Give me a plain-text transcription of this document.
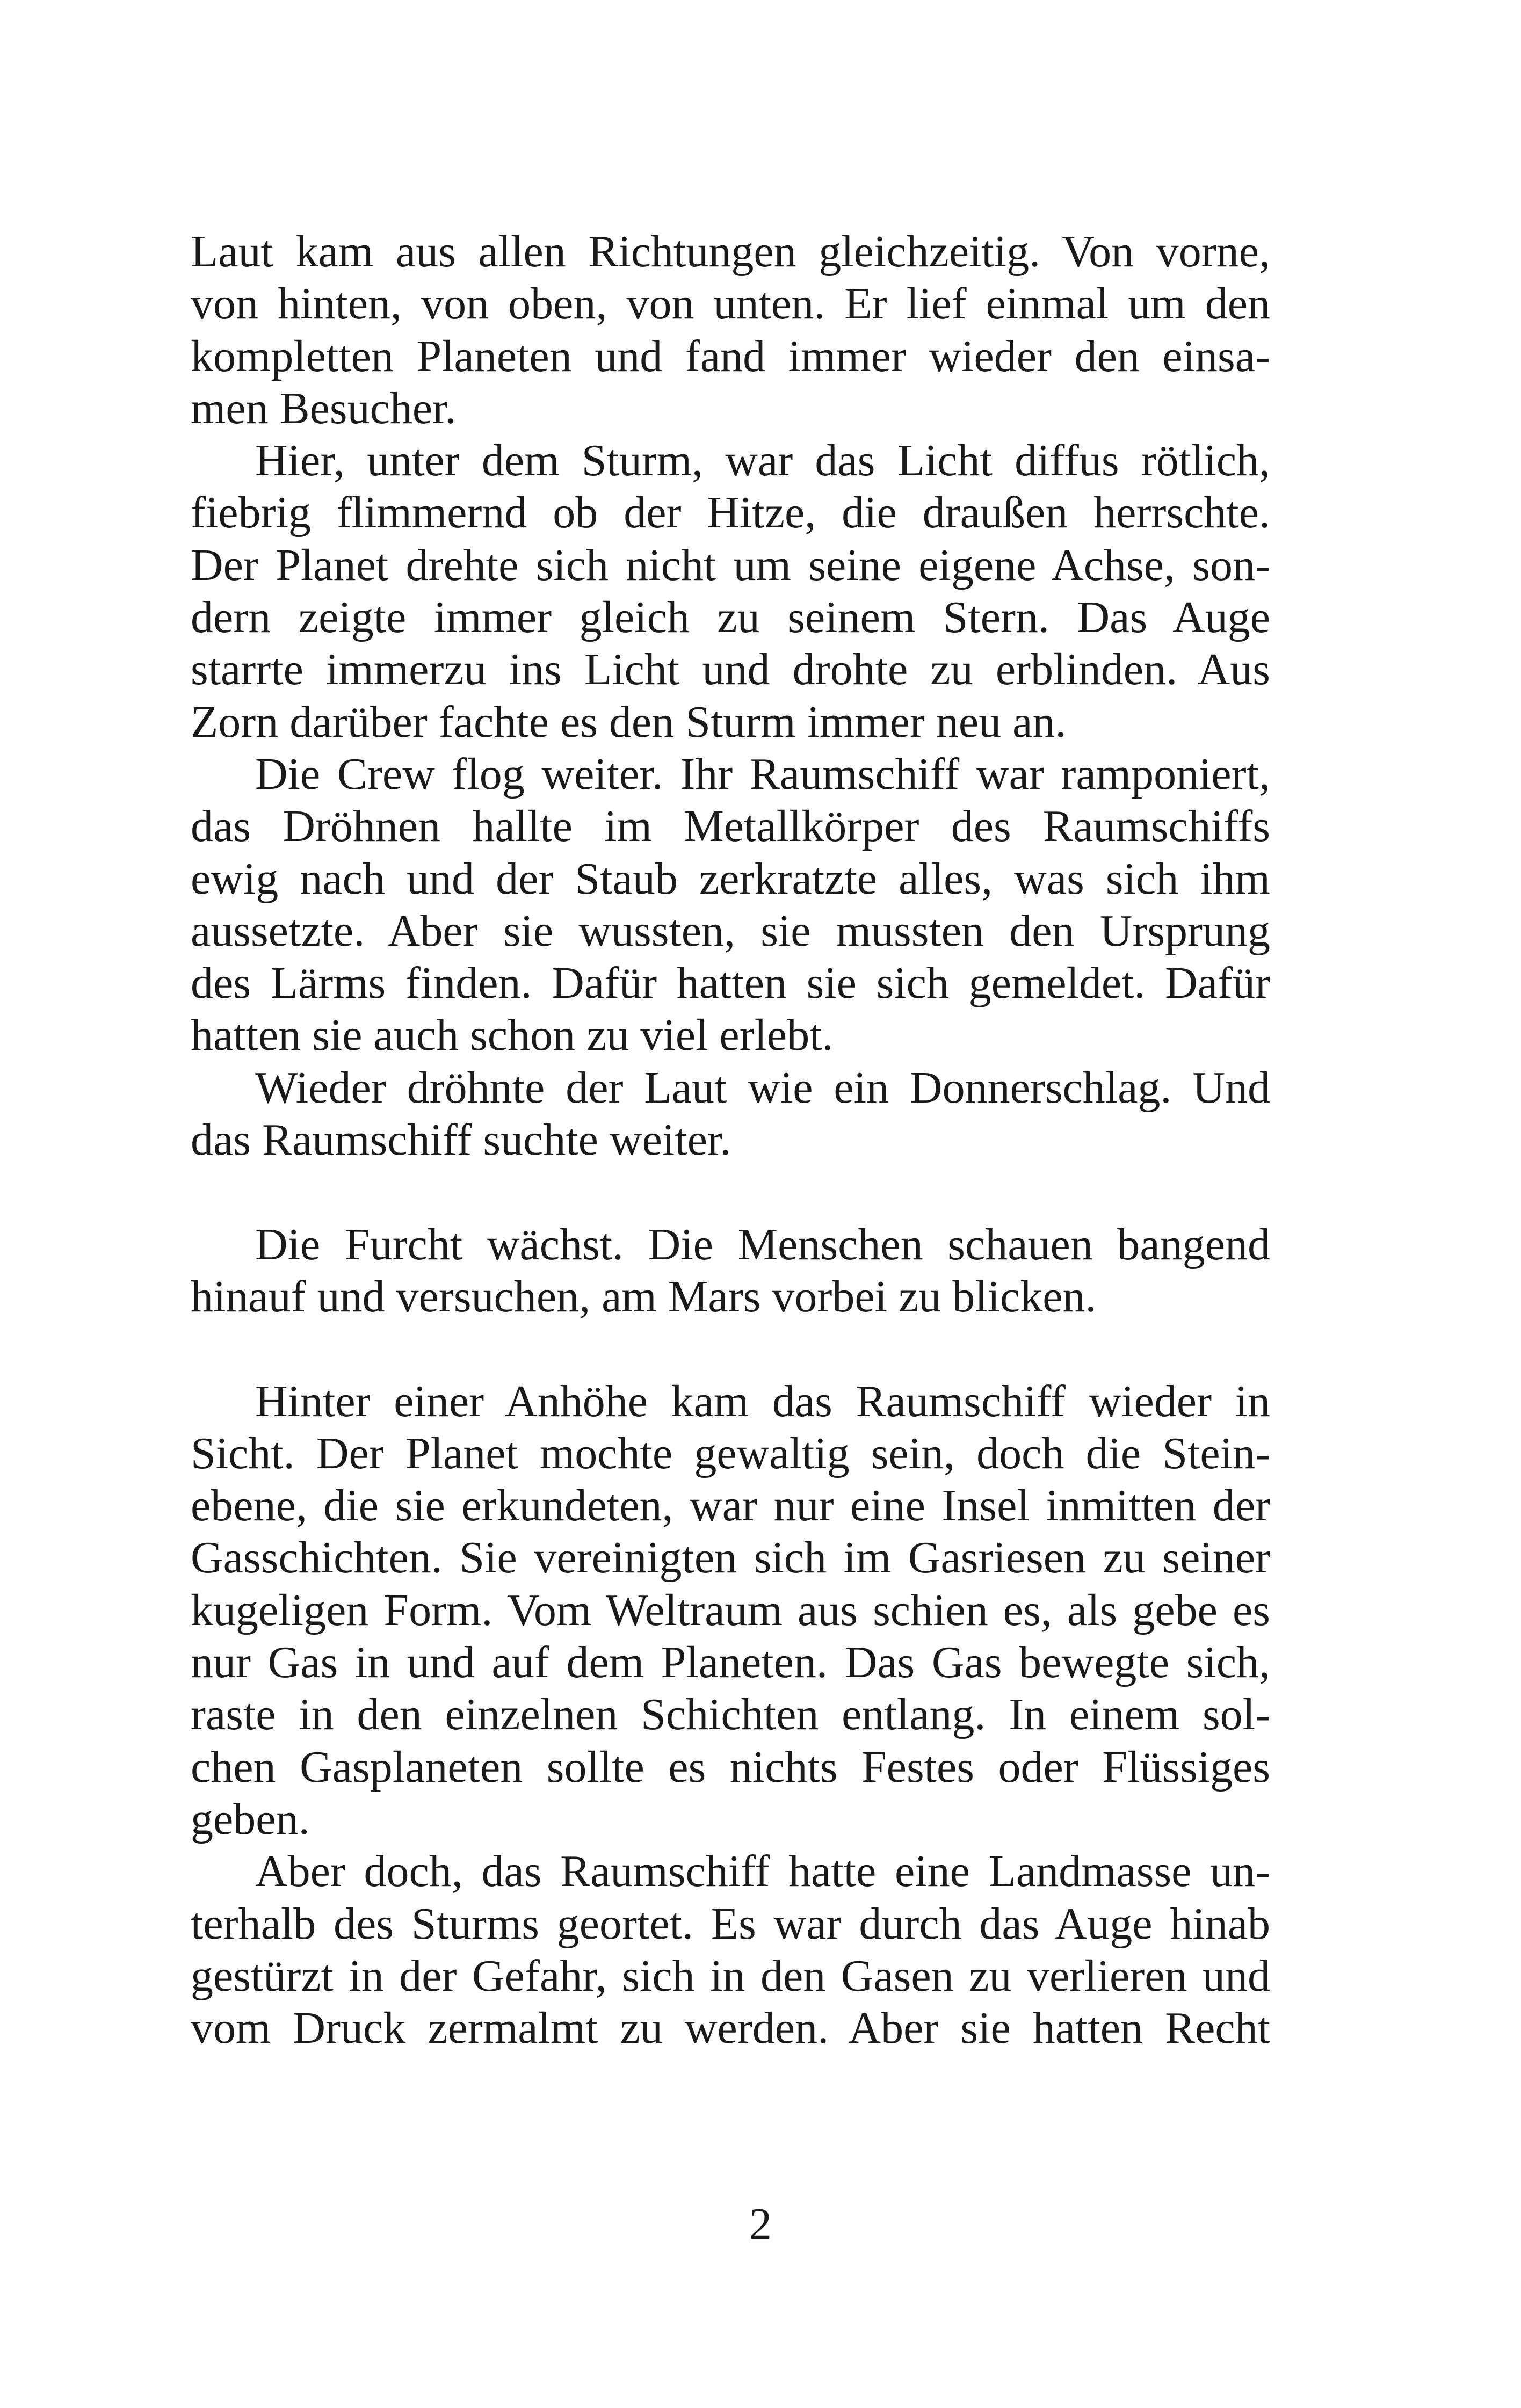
Laut kam aus allen Richtungen gleichzeitig. Von vorne,
von hinten, von oben, von unten. Er lief einmal um den
kompletten Planeten und fand immer wieder den einsa-
men Besucher.
Hier, unter dem Sturm, war das Licht diffus rötlich,
fiebrig flimmernd ob der Hitze, die draußen herrschte.
Der Planet drehte sich nicht um seine eigene Achse, son-
dern zeigte immer gleich zu seinem Stern. Das Auge
starrte immerzu ins Licht und drohte zu erblinden. Aus
Zorn darüber fachte es den Sturm immer neu an.
Die Crew flog weiter. Ihr Raumschiff war ramponiert,
das Dröhnen hallte im Metallkörper des Raumschiffs
ewig nach und der Staub zerkratzte alles, was sich ihm
aussetzte. Aber sie wussten, sie mussten den Ursprung
des Lärms finden. Dafür hatten sie sich gemeldet. Dafür
hatten sie auch schon zu viel erlebt.
Wieder dröhnte der Laut wie ein Donnerschlag. Und
das Raumschiff suchte weiter.
Die Furcht wächst. Die Menschen schauen bangend
hinauf und versuchen, am Mars vorbei zu blicken.
Hinter einer Anhöhe kam das Raumschiff wieder in
Sicht. Der Planet mochte gewaltig sein, doch die Stein-
ebene, die sie erkundeten, war nur eine Insel inmitten der
Gasschichten. Sie vereinigten sich im Gasriesen zu seiner
kugeligen Form. Vom Weltraum aus schien es, als gebe es
nur Gas in und auf dem Planeten. Das Gas bewegte sich,
raste in den einzelnen Schichten entlang. In einem sol-
chen Gasplaneten sollte es nichts Festes oder Flüssiges
geben.
Aber doch, das Raumschiff hatte eine Landmasse un-
terhalb des Sturms geortet. Es war durch das Auge hinab
gestürzt in der Gefahr, sich in den Gasen zu verlieren und
vom Druck zermalmt zu werden. Aber sie hatten Recht
2
